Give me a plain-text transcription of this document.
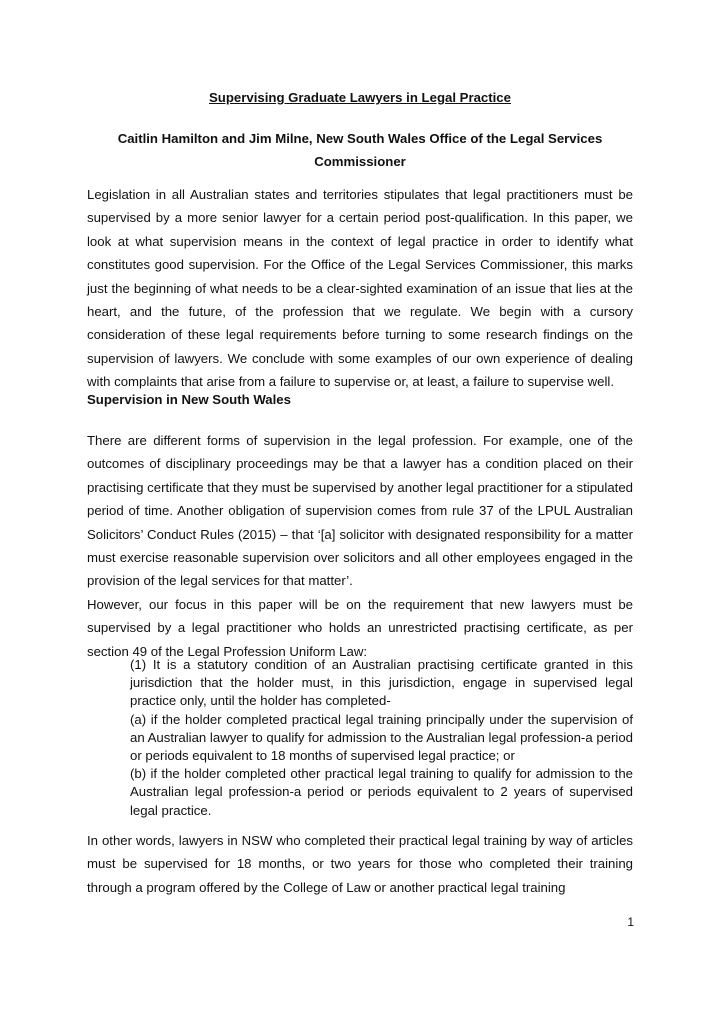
Supervising Graduate Lawyers in Legal Practice
Caitlin Hamilton and Jim Milne, New South Wales Office of the Legal Services Commissioner

Legislation in all Australian states and territories stipulates that legal practitioners must be supervised by a more senior lawyer for a certain period post-qualification. In this paper, we look at what supervision means in the context of legal practice in order to identify what constitutes good supervision. For the Office of the Legal Services Commissioner, this marks just the beginning of what needs to be a clear-sighted examination of an issue that lies at the heart, and the future, of the profession that we regulate. We begin with a cursory consideration of these legal requirements before turning to some research findings on the supervision of lawyers. We conclude with some examples of our own experience of dealing with complaints that arise from a failure to supervise or, at least, a failure to supervise well.

Supervision in New South Wales

There are different forms of supervision in the legal profession. For example, one of the outcomes of disciplinary proceedings may be that a lawyer has a condition placed on their practising certificate that they must be supervised by another legal practitioner for a stipulated period of time. Another obligation of supervision comes from rule 37 of the LPUL Australian Solicitors’ Conduct Rules (2015) – that ‘[a] solicitor with designated responsibility for a matter must exercise reasonable supervision over solicitors and all other employees engaged in the provision of the legal services for that matter’.

However, our focus in this paper will be on the requirement that new lawyers must be supervised by a legal practitioner who holds an unrestricted practising certificate, as per section 49 of the Legal Profession Uniform Law:

(1) It is a statutory condition of an Australian practising certificate granted in this jurisdiction that the holder must, in this jurisdiction, engage in supervised legal practice only, until the holder has completed-

(a) if the holder completed practical legal training principally under the supervision of an Australian lawyer to qualify for admission to the Australian legal profession-a period or periods equivalent to 18 months of supervised legal practice; or

(b) if the holder completed other practical legal training to qualify for admission to the Australian legal profession-a period or periods equivalent to 2 years of supervised legal practice.

In other words, lawyers in NSW who completed their practical legal training by way of articles must be supervised for 18 months, or two years for those who completed their training through a program offered by the College of Law or another practical legal training

1
